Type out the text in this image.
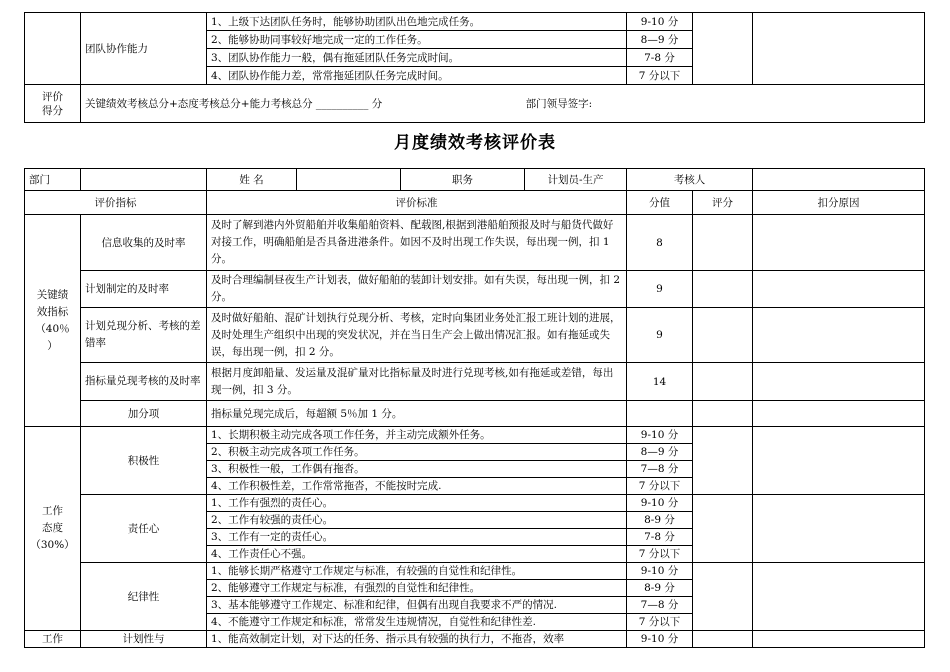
	团队协作能力	1、上级下达团队任务时，能够协助团队出色地完成任务。	9-10 分		
		2、能够协助同事较好地完成一定的工作任务。	8—9 分		
		3、团队协作能力一般，偶有拖延团队任务完成时间。	7-8 分		
		4、团队协作能力差，常常拖延团队任务完成时间。	7 分以下		

评价
得分	关键绩效考核总分+态度考核总分+能力考核总分 __________ 分 部门领导签字:				
月度绩效考核评价表
部门		姓 名		职务	计划员-生产	考核人		
评价指标		评价标准				分值	评分	扣分原因

关键绩
效指标
（40％
）	信息收集的及时率	及时了解到港内外贸船舶并收集船舶资料、配载图,根据到港船舶预报及时与船货代做好对接工作，明确船舶是否具备进港条件。如因不及时出现工作失误，每出现一例，扣 1 分。				8		
	计划制定的及时率	及时合理编制昼夜生产计划表，做好船舶的装卸计划安排。如有失误，每出现一例，扣 2 分。				9		
	计划兑现分析、考核的差错率	及时做好船舶、混矿计划执行兑现分析、考核，定时向集团业务处汇报工班计划的进展，及时处理生产组织中出现的突发状况，并在当日生产会上做出情况汇报。如有拖延或失误，每出现一例，扣 2 分。				9		
	指标量兑现考核的及时率	根据月度卸船量、发运量及混矿量对比指标量及时进行兑现考核,如有拖延或差错，每出现一例，扣 3 分。				14		
	加分项	指标量兑现完成后，每超额 5％加 1 分。						

工作
态度
（30%）	积极性	1、长期积极主动完成各项工作任务，并主动完成额外任务。				9-10 分		
		2、积极主动完成各项工作任务。				8—9 分		
		3、积极性一般，工作偶有拖沓。				7—8 分		
		4、工作积极性差，工作常常拖沓，不能按时完成.				7 分以下		
	责任心	1、工作有强烈的责任心。				9-10 分		
		2、工作有较强的责任心。				8-9 分		
		3、工作有一定的责任心。				7-8 分		
		4、工作责任心不强。				7 分以下		
	纪律性	1、能够长期严格遵守工作规定与标准，有较强的自觉性和纪律性。				9-10 分		
		2、能够遵守工作规定与标准，有强烈的自觉性和纪律性。				8-9 分		
		3、基本能够遵守工作规定、标准和纪律，但偶有出现自我要求不严的情况.				7—8 分		
		4、不能遵守工作规定和标准，常常发生违规情况，自觉性和纪律性差.				7 分以下		
工作	计划性与	1、能高效制定计划，对下达的任务、指示具有较强的执行力，不拖沓，效率				9-10 分		
